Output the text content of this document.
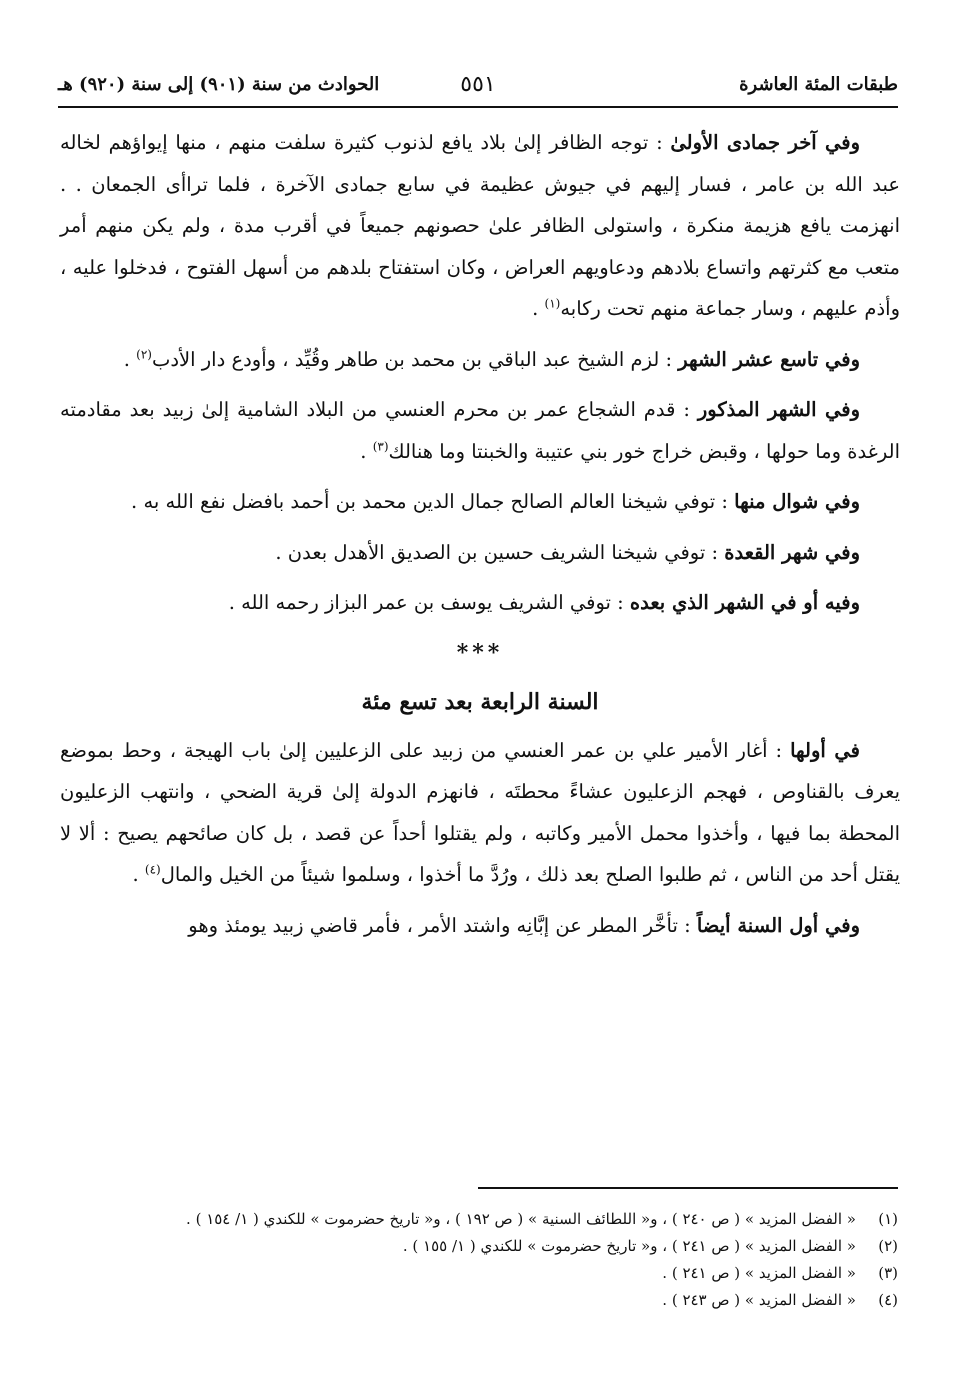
طبقات المئة العاشرة
٥٥١
الحوادث من سنة (٩٠١) إلى سنة (٩٢٠) هـ

وفي آخر جمادى الأولىٰ : توجه الظافر إلىٰ بلاد يافع لذنوب كثيرة سلفت منهم ، منها إيواؤهم لخاله عبد الله بن عامر ، فسار إليهم في جيوش عظيمة في سابع جمادى الآخرة ، فلما تراأى الجمعان . . انهزمت يافع هزيمة منكرة ، واستولى الظافر علىٰ حصونهم جميعاً في أقرب مدة ، ولم يكن منهم أمر متعب مع كثرتهم واتساع بلادهم ودعاويهم العراض ، وكان استفتاح بلدهم من أسهل الفتوح ، فدخلوا عليه ، وأذم عليهم ، وسار جماعة منهم تحت ركابه$^{(١)}$ .

وفي تاسع عشر الشهر : لزم الشيخ عبد الباقي بن محمد بن طاهر وقُيِّد ، وأودع دار الأدب$^{(٢)}$ .

وفي الشهر المذكور : قدم الشجاع عمر بن محرم العنسي من البلاد الشامية إلىٰ زبيد بعد مقادمته الرغدة وما حولها ، وقبض خراج خور بني عتيبة والخبنتا وما هنالك$^{(٣)}$ .

وفي شوال منها : توفي شيخنا العالم الصالح جمال الدين محمد بن أحمد بافضل نفع الله به .

وفي شهر القعدة : توفي شيخنا الشريف حسين بن الصديق الأهدل بعدن .

وفيه أو في الشهر الذي بعده : توفي الشريف يوسف بن عمر البزاز رحمه الله .

***
السنة الرابعة بعد تسع مئة

في أولها : أغار الأمير علي بن عمر العنسي من زبيد على الزعليين إلىٰ باب الهيجة ، وحط بموضع يعرف بالقناوص ، فهجم الزعليون عشاءً محطتَه ، فانهزم الدولة إلىٰ قرية الضحي ، وانتهب الزعليون المحطة بما فيها ، وأخذوا محمل الأمير وكاتبه ، ولم يقتلوا أحداً عن قصد ، بل كان صائحهم يصيح : ألا لا يقتل أحد من الناس ، ثم طلبوا الصلح بعد ذلك ، ورُدَّ ما أخذوا ، وسلموا شيئاً من الخيل والمال$^{(٤)}$ .

وفي أول السنة أيضاً : تأخَّر المطر عن إبَّانِه واشتد الأمر ، فأمر قاضي زبيد يومئذ وهو

(١)
« الفضل المزيد » ( ص ٢٤٠ ) ، و« اللطائف السنية » ( ص ١٩٢ ) ، و« تاريخ حضرموت » للكندي ( ١/ ١٥٤ ) .
(٢)
« الفضل المزيد » ( ص ٢٤١ ) ، و« تاريخ حضرموت » للكندي ( ١/ ١٥٥ ) .
(٣)
« الفضل المزيد » ( ص ٢٤١ ) .
(٤)
« الفضل المزيد » ( ص ٢٤٣ ) .
